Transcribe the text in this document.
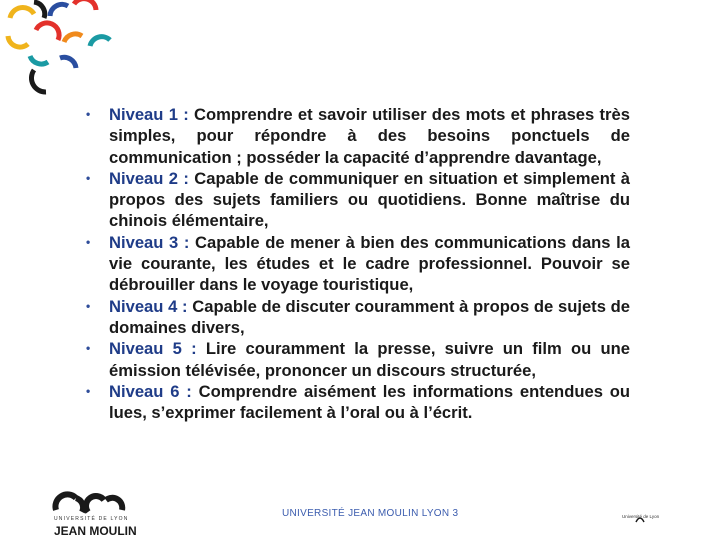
•	Niveau 1 : Comprendre et savoir utiliser des mots et phrases très simples, pour répondre à des besoins ponctuels de communication ; posséder la capacité d’apprendre davantage,
•	Niveau 2 : Capable de communiquer en situation et simplement à propos des sujets familiers ou quotidiens. Bonne maîtrise du chinois élémentaire,
•	Niveau 3 : Capable de mener à bien des communications dans la vie courante, les études et le cadre professionnel. Pouvoir se débrouiller dans le voyage touristique,
•	Niveau 4 : Capable de discuter couramment à propos de sujets de domaines divers,
•	Niveau 5 : Lire couramment la presse, suivre un film ou une émission télévisée, prononcer un discours structurée,
•	Niveau 6 : Comprendre aisément les informations entendues ou lues, s’exprimer facilement à l’oral ou à l’écrit.
UNIVERSITÉ DE LYON
JEAN MOULIN
UNIVERSITÉ JEAN MOULIN LYON 3	Université de Lyon
